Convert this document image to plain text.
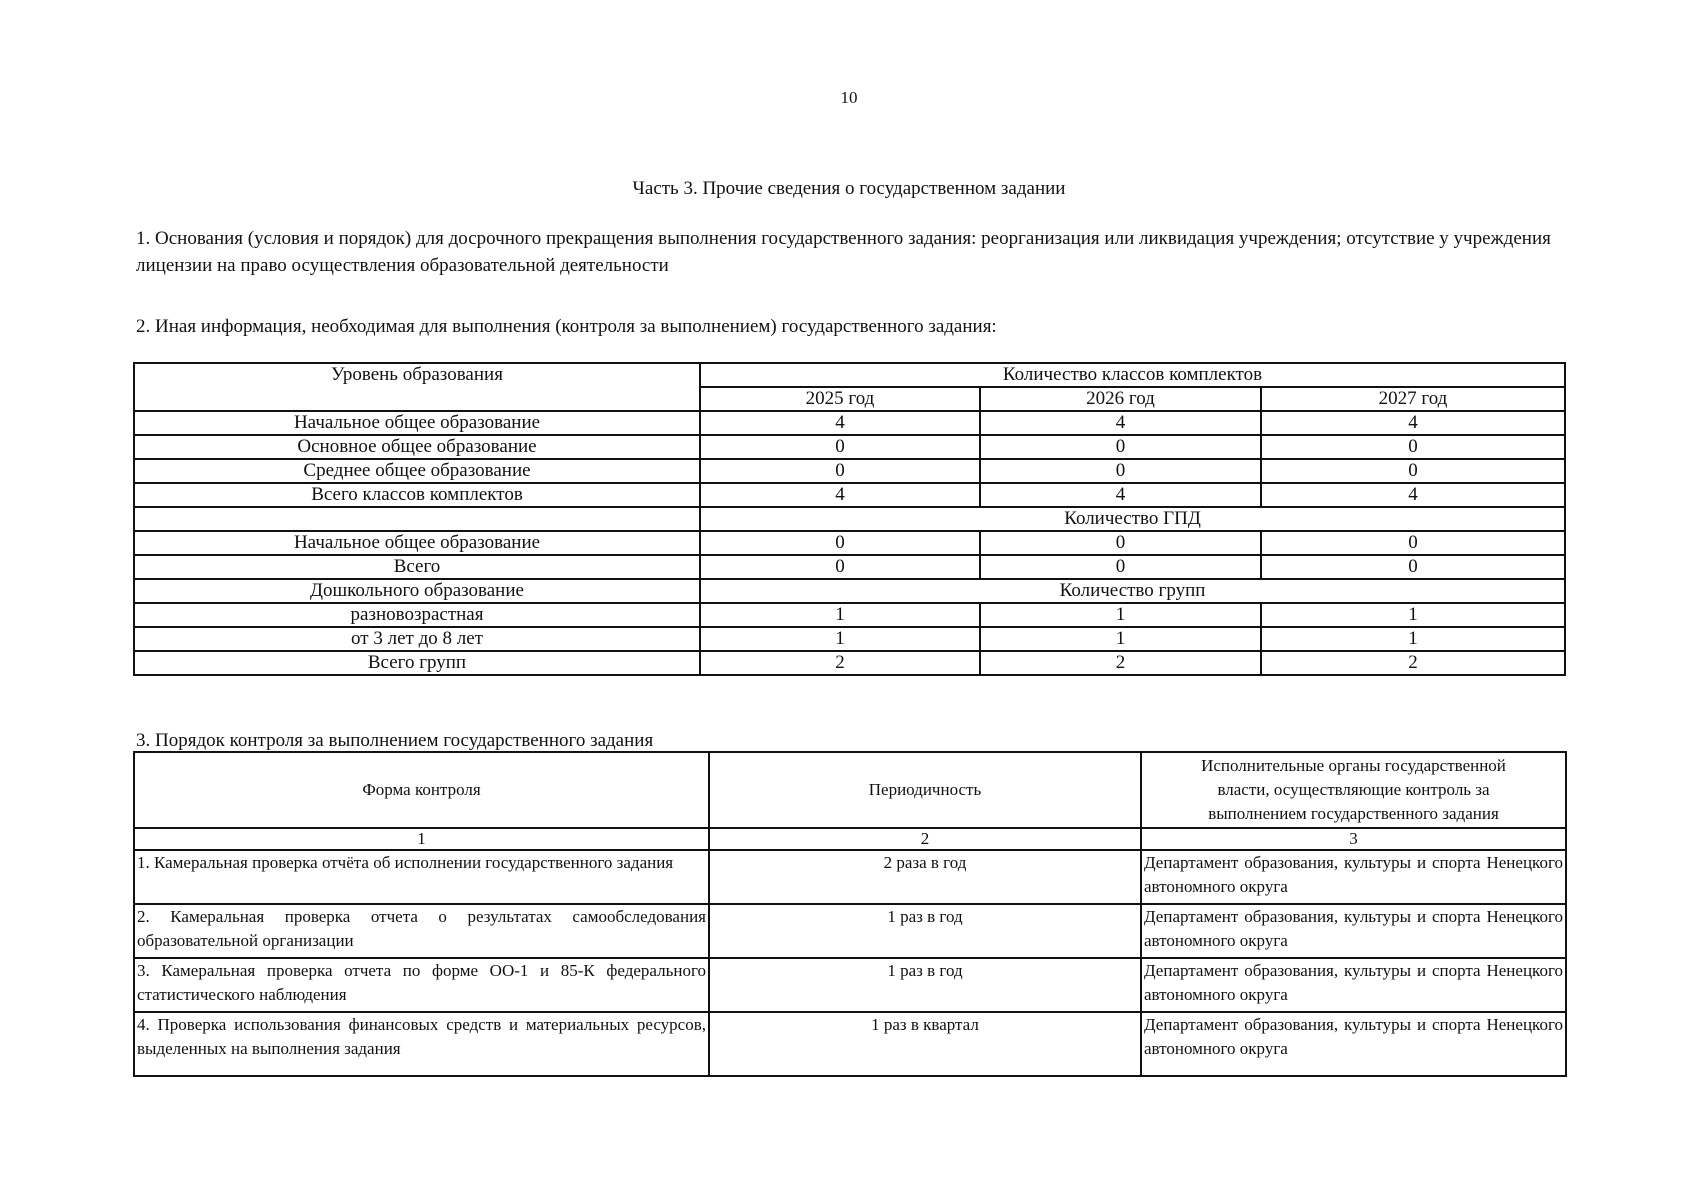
10
Часть 3. Прочие сведения о государственном задании
1. Основания (условия и порядок) для досрочного прекращения выполнения государственного задания: реорганизация или ликвидация учреждения; отсутствие у учреждения лицензии на право осуществления образовательной деятельности
2. Иная информация, необходимая для выполнения (контроля за выполнением) государственного задания:
Уровень образования	Количество классов комплектов		
	2025 год	2026 год	2027 год
Начальное общее образование	4	4	4
Основное общее образование	0	0	0
Среднее общее образование	0	0	0
Всего классов комплектов	4	4	4
	Количество ГПД		
Начальное общее образование	0	0	0
Всего	0	0	0
Дошкольного образование	Количество групп		
разновозрастная	1	1	1
от 3 лет до 8 лет	1	1	1
Всего групп	2	2	2
3. Порядок контроля за выполнением государственного задания
Форма контроля	Периодичность	Исполнительные органы государственной власти, осуществляющие контроль за выполнением государственного задания
1	2	3
1. Камеральная проверка отчёта об исполнении государственного задания	2 раза в год	Департамент образования, культуры и спорта Ненецкого автономного округа
2. Камеральная проверка отчета о результатах самообследования образовательной организации	1 раз в год	Департамент образования, культуры и спорта Ненецкого автономного округа
3. Камеральная проверка отчета по форме ОО-1 и 85-К федерального статистического наблюдения	1 раз в год	Департамент образования, культуры и спорта Ненецкого автономного округа
4. Проверка использования финансовых средств и материальных ресурсов, выделенных на выполнения задания	1 раз в квартал	Департамент образования, культуры и спорта Ненецкого автономного округа
